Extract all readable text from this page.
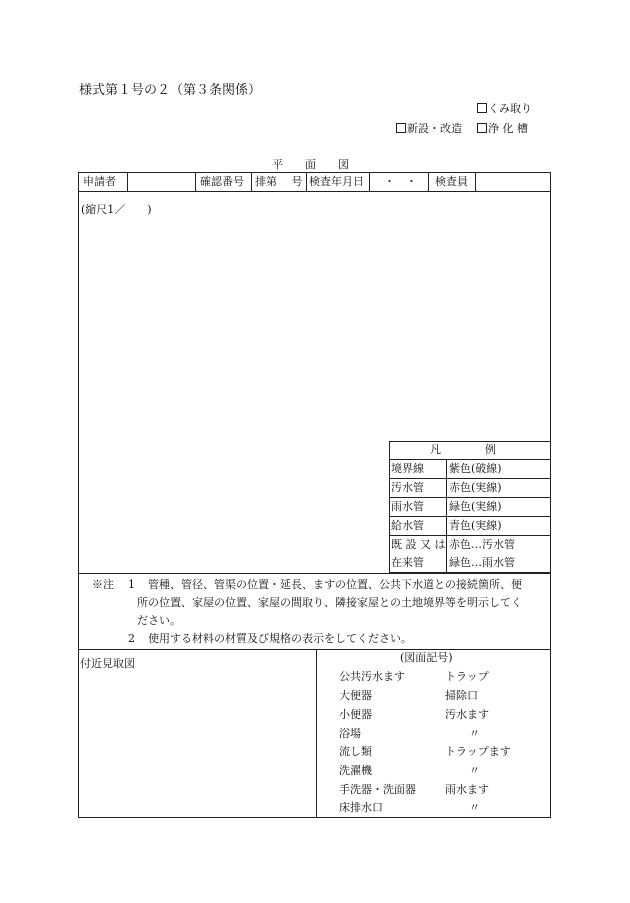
様式第１号の２（第３条関係）
くみ取り
新設・改造	浄 化 槽
平　　面　　図
申請者	確認番号 排第　 号 検査年月日 ・　・ 検査員
(縮尺1／　　)
凡　　　　例
境界線 紫色(破線)
汚水管 赤色(実線)
雨水管 緑色(実線)
給水管 青色(実線)
既 設 又 は 赤色…汚水管
在来管 緑色…雨水管
※注 1 管種、管径、管渠の位置・延長、ますの位置、公共下水道との接続箇所、便
所の位置、家屋の位置、家屋の間取り、隣接家屋との土地境界等を明示してく
ださい。
2 使用する材料の材質及び規格の表示をしてください。
付近見取図	(図面記号)
公共汚水ます	トラップ
大便器	掃除口
小便器	汚水ます
浴場	〃
流し類	トラップます
洗濯機	〃
手洗器・洗面器	雨水ます
床排水口	〃
